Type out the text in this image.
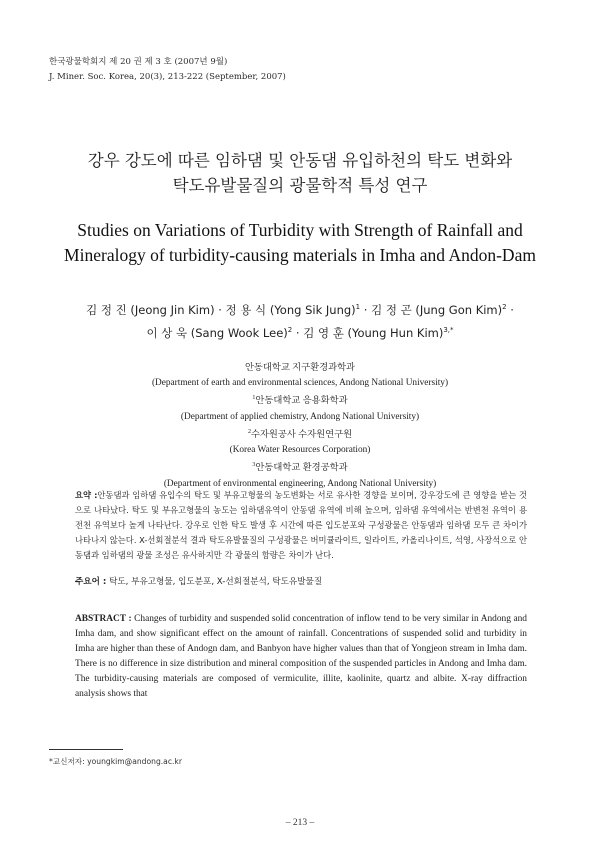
한국광물학회지 제 20 권 제 3 호 (2007년 9월)
J. Miner. Soc. Korea, 20(3), 213-222 (September, 2007)
강우 강도에 따른 임하댐 및 안동댐 유입하천의 탁도 변화와
탁도유발물질의 광물학적 특성 연구
Studies on Variations of Turbidity with Strength of Rainfall and
Mineralogy of turbidity-causing materials in Imha and Andon-Dam
김 정 진 (Jeong Jin Kim) · 정 용 식 (Yong Sik Jung)$^1$ · 김 정 곤 (Jung Gon Kim)$^2$ ·
이 상 욱 (Sang Wook Lee)$^2$ · 김 영 훈 (Young Hun Kim)$^{3,*}$
안동대학교 지구환경과학과
(Department of earth and environmental sciences, Andong National University)
$^1$안동대학교 응용화학과
(Department of applied chemistry, Andong National University)
$^2$수자원공사 수자원연구원
(Korea Water Resources Corporation)
$^3$안동대학교 환경공학과
(Department of environmental engineering, Andong National University)
요약 :안동댐과 임하댐 유입수의 탁도 및 부유고형물의 농도변화는 서로 유사한 경향을 보이며, 강우강도에 큰 영향을 받는 것으로 나타났다. 탁도 및 부유고형물의 농도는 임하댐유역이 안동댐 유역에 비해 높으며, 임하댐 유역에서는 반변천 유역이 용전천 유역보다 높게 나타난다. 강우로 인한 탁도 발생 후 시간에 따른 입도분포와 구성광물은 안동댐과 임하댐 모두 큰 차이가 나타나지 않는다. X-선회절분석 결과 탁도유발물질의 구성광물은 버미큘라이트, 일라이트, 카올리나이트, 석영, 사장석으로 안동댐과 임하댐의 광물 조성은 유사하지만 각 광물의 함량은 차이가 난다.
주요어 : 탁도, 부유고형물, 입도분포, X-선회절분석, 탁도유발물질
ABSTRACT : Changes of turbidity and suspended solid concentration of inflow tend to be very similar in Andong and Imha dam, and show significant effect on the amount of rainfall. Concentrations of suspended solid and turbidity in Imha are higher than these of Andogn dam, and Banbyon have higher values than that of Yongjeon stream in Imha dam. There is no difference in size distribution and mineral composition of the suspended particles in Andong and Imha dam. The turbidity-causing materials are composed of vermiculite, illite, kaolinite, quartz and albite. X-ray diffraction analysis shows that
*교신저자: youngkim@andong.ac.kr
– 213 –
